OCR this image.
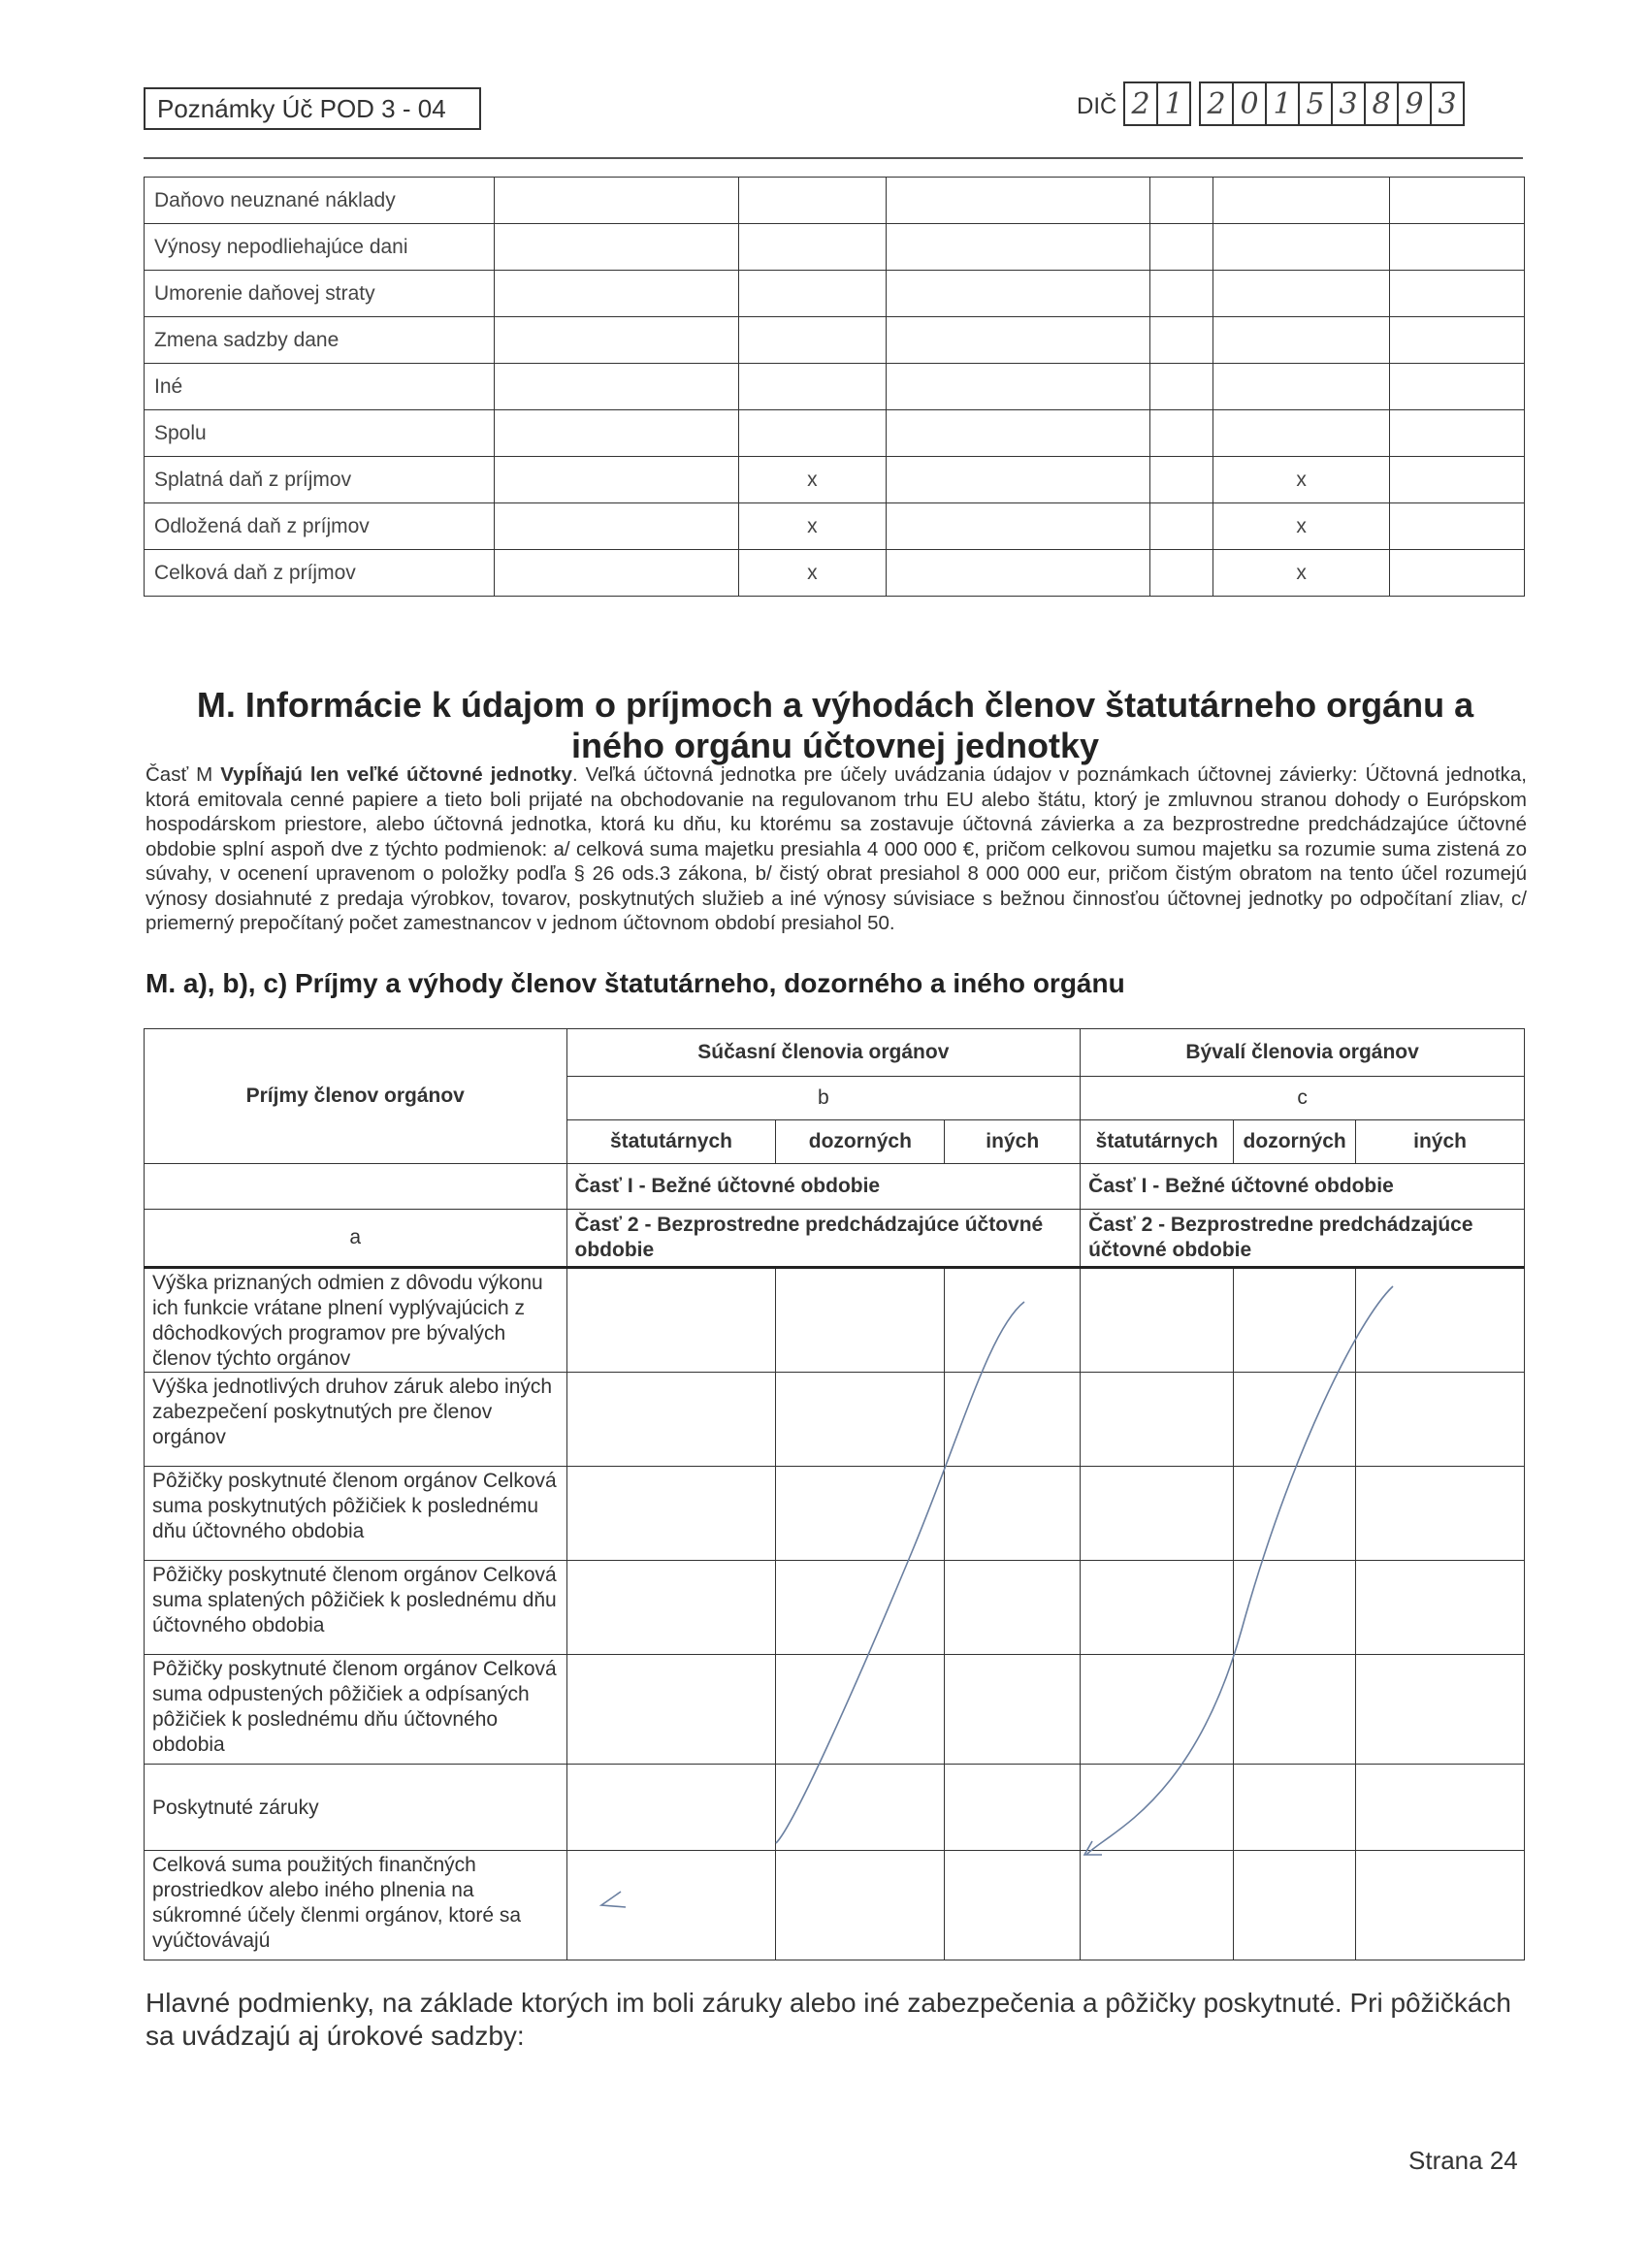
Poznámky Úč POD 3 - 04	DIČ 2 1 2 0 1 5 3 8 9 3
Daňovo neuznané náklady						
Výnosy nepodliehajúce dani						
Umorenie daňovej straty						
Zmena sadzby dane						
Iné						
Spolu						
Splatná daň z príjmov		x			x	
Odložená daň z príjmov		x			x	
Celková daň z príjmov		x			x	
M. Informácie k údajom o príjmoch a výhodách členov štatutárneho orgánu a iného orgánu účtovnej jednotky
Časť M Vypĺňajú len veľké účtovné jednotky. Veľká účtovná jednotka pre účely uvádzania údajov v poznámkach účtovnej závierky: Účtovná jednotka, ktorá emitovala cenné papiere a tieto boli prijaté na obchodovanie na regulovanom trhu EU alebo štátu, ktorý je zmluvnou stranou dohody o Európskom hospodárskom priestore, alebo účtovná jednotka, ktorá ku dňu, ku ktorému sa zostavuje účtovná závierka a za bezprostredne predchádzajúce účtovné obdobie splní aspoň dve z týchto podmienok: a/ celková suma majetku presiahla 4 000 000 €, pričom celkovou sumou majetku sa rozumie suma zistená zo súvahy, v ocenení upravenom o položky podľa § 26 ods.3 zákona, b/ čistý obrat presiahol 8 000 000 eur, pričom čistým obratom na tento účel rozumejú výnosy dosiahnuté z predaja výrobkov, tovarov, poskytnutých služieb a iné výnosy súvisiace s bežnou činnosťou účtovnej jednotky po odpočítaní zliav, c/ priemerný prepočítaný počet zamestnancov v jednom účtovnom období presiahol 50.
M. a), b), c) Príjmy a výhody členov štatutárneho, dozorného a iného orgánu
Príjmy členov orgánov	Súčasní členovia orgánov			Bývalí členovia orgánov		
	b			c		
	štatutárnych	dozorných	iných	štatutárnych	dozorných	iných
	Časť I - Bežné účtovné obdobie			Časť I - Bežné účtovné obdobie		
a	Časť 2 - Bezprostredne predchádzajúce účtovné obdobie			Časť 2 - Bezprostredne predchádzajúce účtovné obdobie		
Výška priznaných odmien z dôvodu výkonu ich funkcie vrátane plnení vyplývajúcich z dôchodkových programov pre bývalých členov týchto orgánov						
Výška jednotlivých druhov záruk alebo iných zabezpečení poskytnutých pre členov orgánov						
Pôžičky poskytnuté členom orgánov Celková suma poskytnutých pôžičiek k poslednému dňu účtovného obdobia						
Pôžičky poskytnuté členom orgánov Celková suma splatených pôžičiek k poslednému dňu účtovného obdobia						
Pôžičky poskytnuté členom orgánov Celková suma odpustených pôžičiek a odpísaných pôžičiek k poslednému dňu účtovného obdobia						
Poskytnuté záruky						
Celková suma použitých finančných prostriedkov alebo iného plnenia na súkromné účely členmi orgánov, ktoré sa vyúčtovávajú						
Hlavné podmienky, na základe ktorých im boli záruky alebo iné zabezpečenia a pôžičky poskytnuté. Pri pôžičkách sa uvádzajú aj úrokové sadzby:
Strana 24
